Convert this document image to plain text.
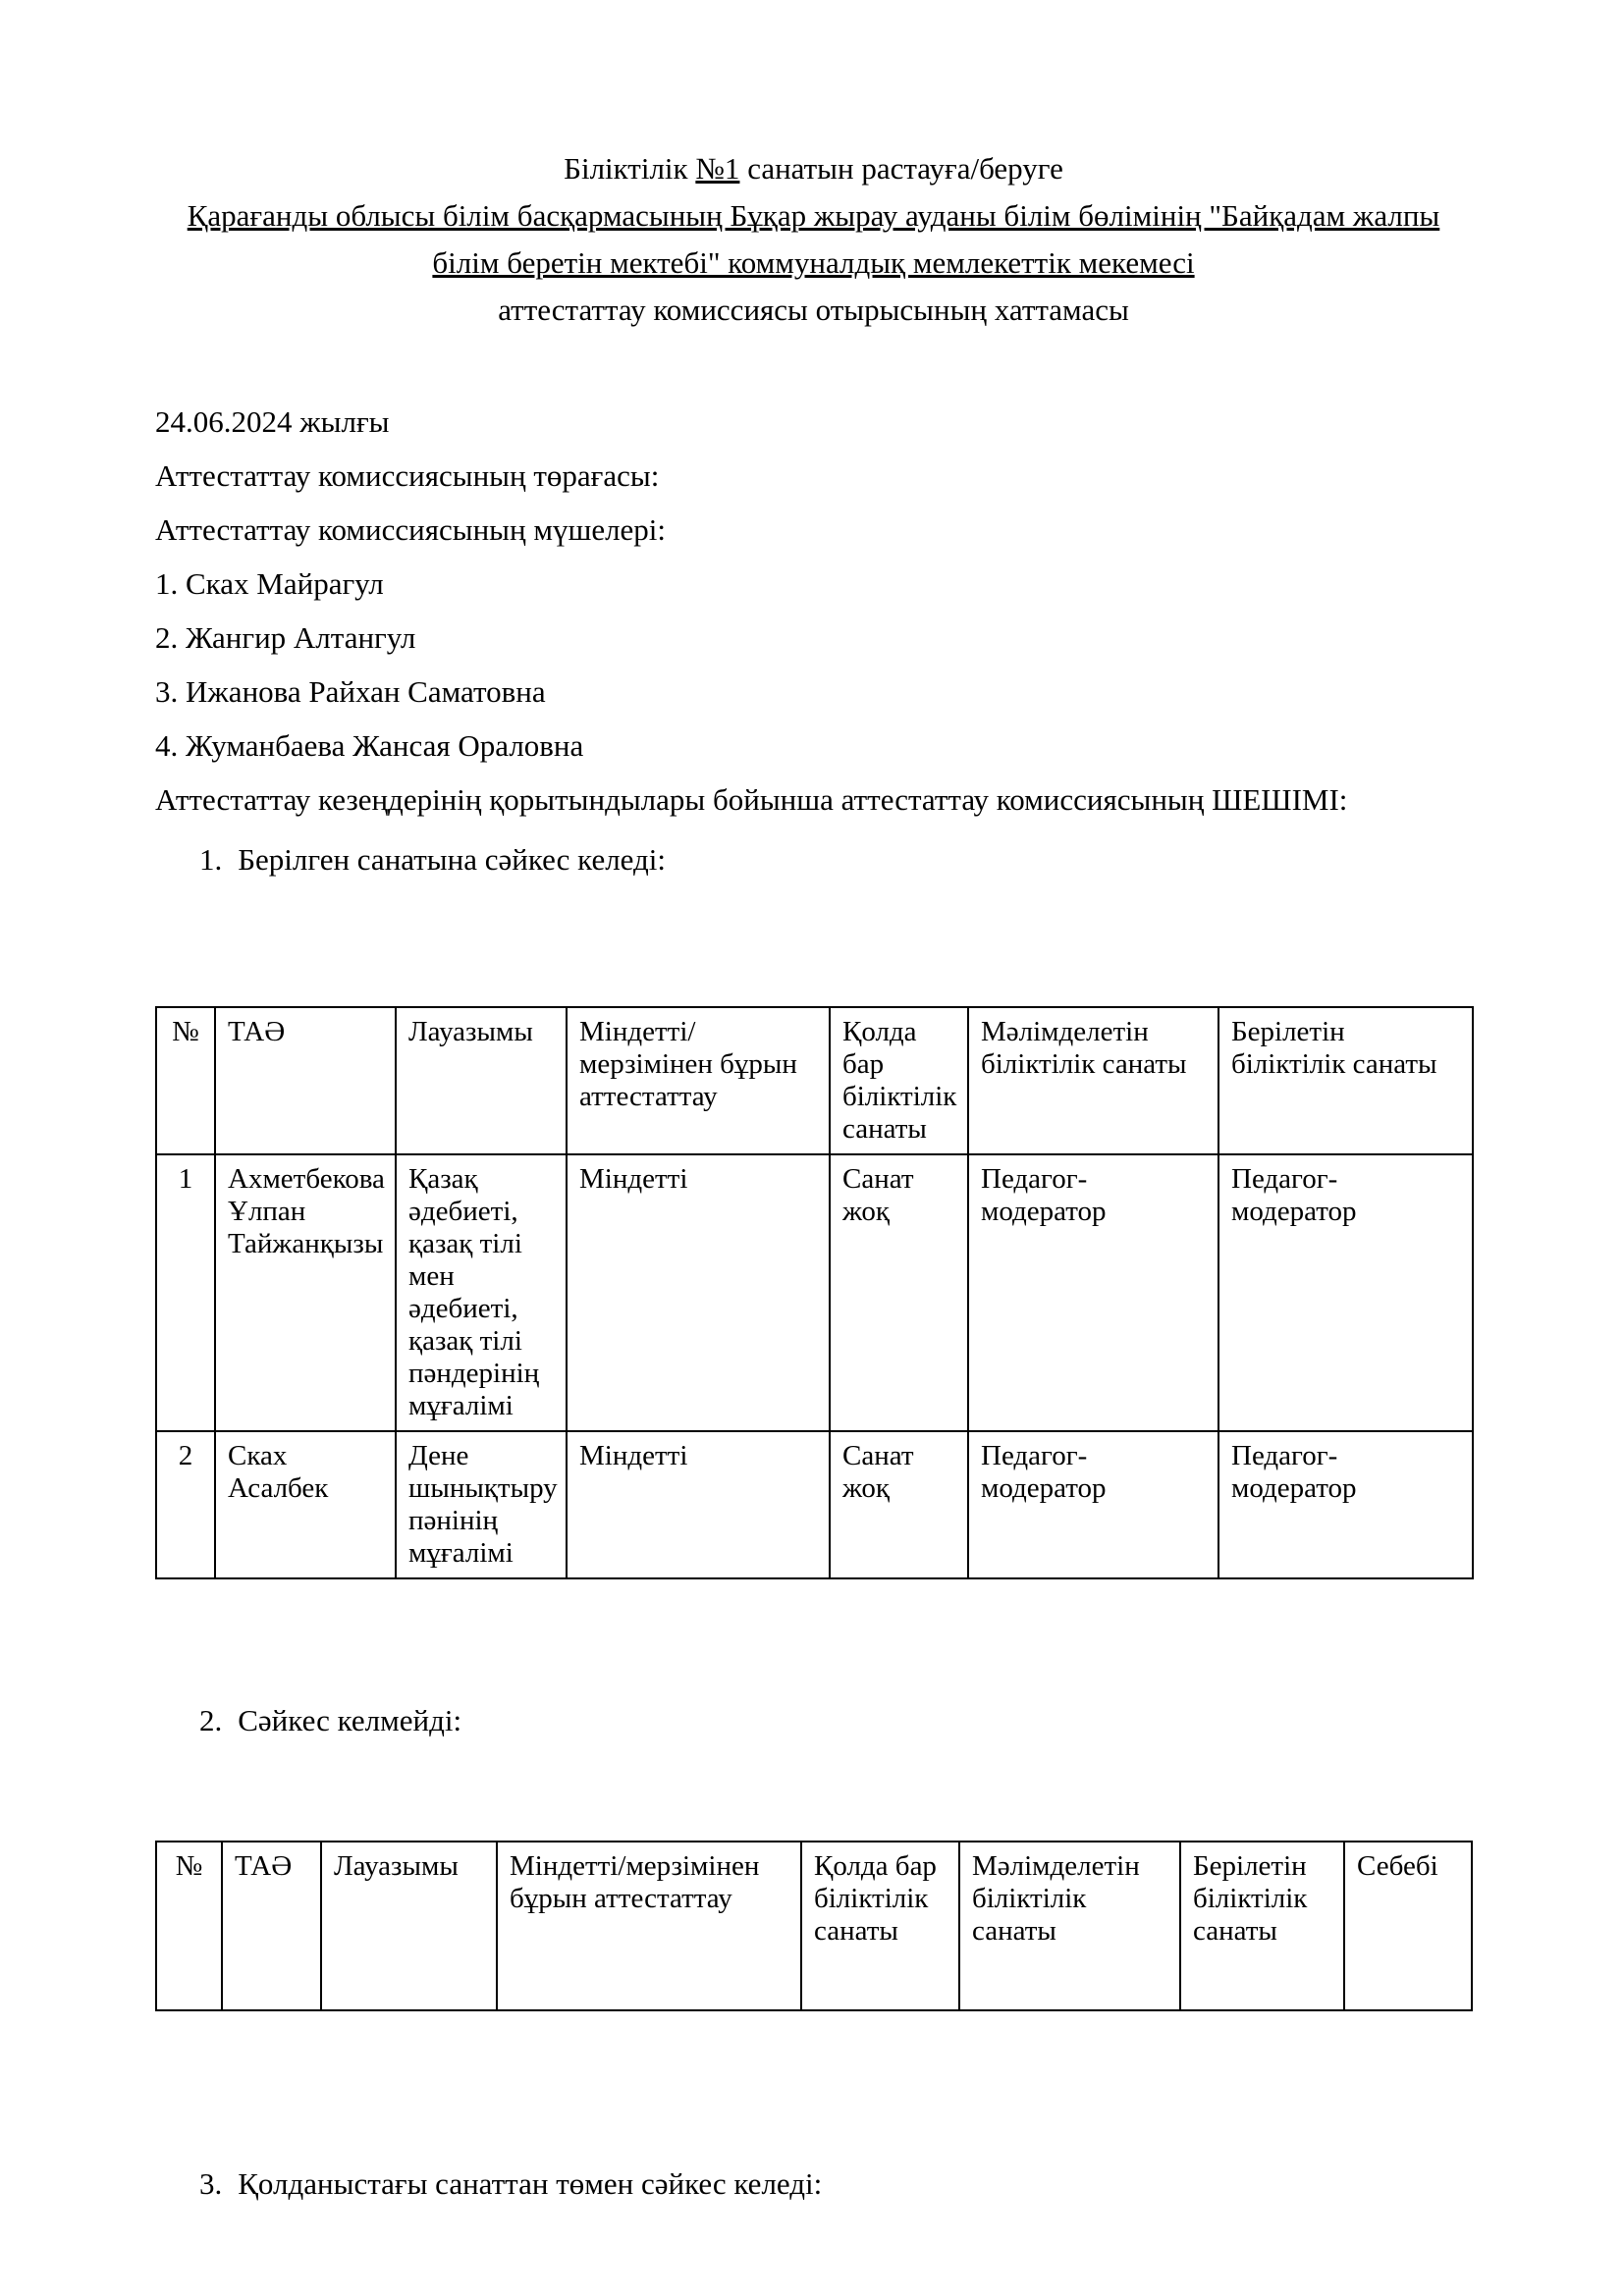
Біліктілік №1 санатын растауға/беруге

Қарағанды облысы білім басқармасының Бұқар жырау ауданы білім бөлімінің "Байқадам жалпы білім беретін мектебі" коммуналдық мемлекеттік мекемесі

аттестаттау комиссиясы отырысының хаттамасы

24.06.2024 жылғы

Аттестаттау комиссиясының төрағасы:

Аттестаттау комиссиясының мүшелері:

1. Сках Майрагул

2. Жангир Алтангул

3. Ижанова Райхан Саматовна

4. Жуманбаева Жансая Ораловна

Аттестаттау кезеңдерінің қорытындылары бойынша аттестаттау комиссиясының ШЕШІМІ:

1. Берілген санатына сәйкес келеді:
№	ТАӘ	Лауазымы	Міндетті/мерзімінен бұрын аттестаттау	Қолда бар біліктілік санаты	Мәлімделетін біліктілік санаты	Берілетін біліктілік санаты
1	Ахметбекова Ұлпан Тайжанқызы	Қазақ әдебиеті, қазақ тілі мен әдебиеті, қазақ тілі пәндерінің мұғалімі	Міндетті	Санат жоқ	Педагог-модератор	Педагог-модератор
2	Сках Асалбек	Дене шынықтыру пәнінің мұғалімі	Міндетті	Санат жоқ	Педагог-модератор	Педагог-модератор
2. Сәйкес келмейді:
№	ТАӘ	Лауазымы	Міндетті/мерзімінен бұрын аттестаттау	Қолда бар біліктілік санаты	Мәлімделетін біліктілік санаты	Берілетін біліктілік санаты	Себебі
3. Қолданыстағы санаттан төмен сәйкес келеді:
